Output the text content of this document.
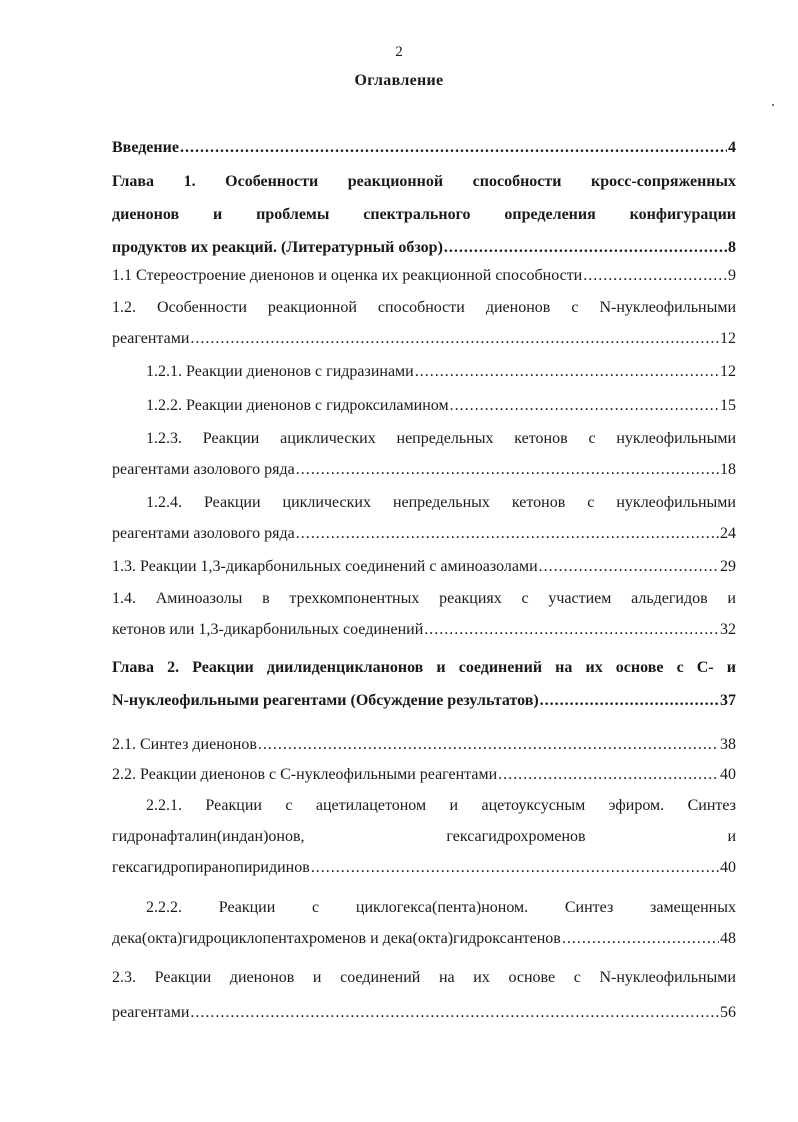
2
Оглавление
Введение .....	4
Глава 1. Особенности реакционной способности кросс-сопряженных
диенонов и проблемы спектрального определения конфигурации
продуктов их реакций. (Литературный обзор) .....	8
1.1 Стереостроение диенонов и оценка их реакционной способности .....	9
1.2. Особенности реакционной способности диенонов с N-нуклеофильными
реагентами .....	12
1.2.1. Реакции диенонов с гидразинами .....	12
1.2.2. Реакции диенонов с гидроксиламином .....	15
1.2.3. Реакции ациклических непредельных кетонов с нуклеофильными
реагентами азолового ряда .....	18
1.2.4. Реакции циклических непредельных кетонов с нуклеофильными
реагентами азолового ряда .....	24
1.3. Реакции 1,3-дикарбонильных соединений с аминоазолами .....	29
1.4. Аминоазолы в трехкомпонентных реакциях с участием альдегидов и
кетонов или 1,3-дикарбонильных соединений .....	32
Глава 2. Реакции диилиденцикланонов и соединений на их основе с С- и
N-нуклеофильными реагентами (Обсуждение результатов) .....	37
2.1. Синтез диенонов .....	38
2.2. Реакции диенонов с С-нуклеофильными реагентами .....	40
2.2.1. Реакции с ацетилацетоном и ацетоуксусным эфиром. Синтез
гидронафталин(индан)онов, гексагидрохроменов и
гексагидропиранопиридинов .....	40
2.2.2. Реакции с циклогекса(пента)ноном. Синтез замещенных
дека(окта)гидроциклопентахроменов и дека(окта)гидроксантенов .....	48
2.3. Реакции диенонов и соединений на их основе с N-нуклеофильными
реагентами .....	56
